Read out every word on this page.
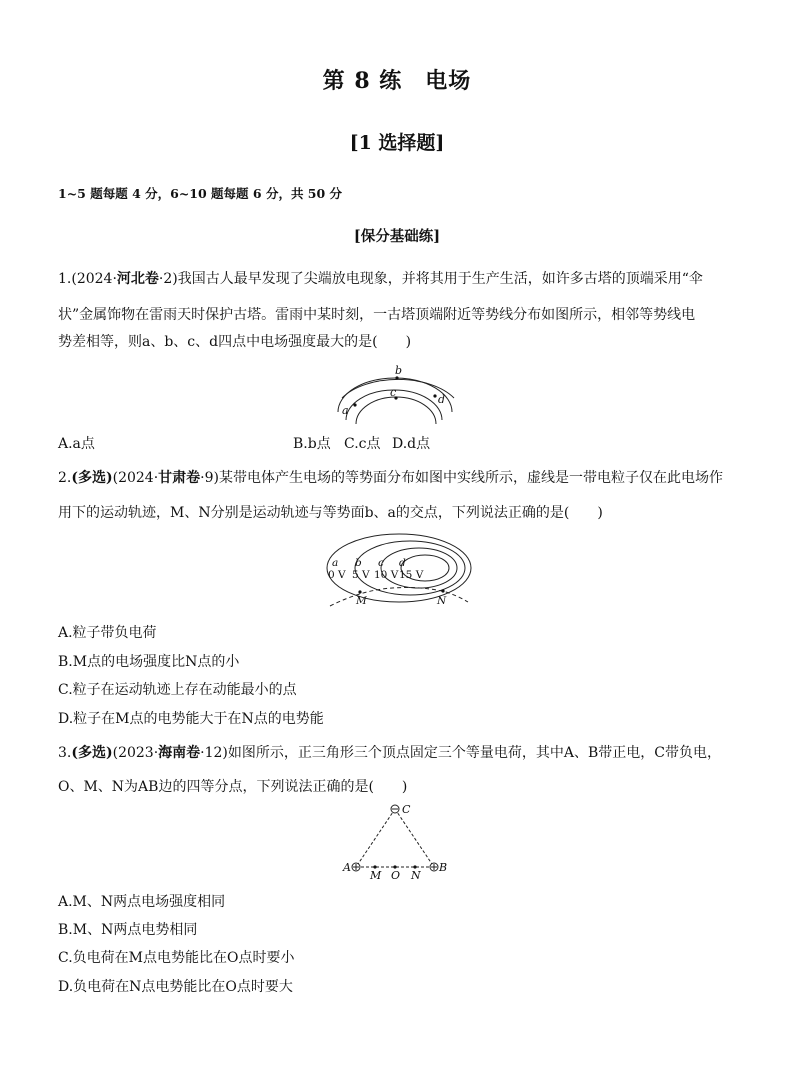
第 8 练　电场
[1 选择题]
1~5 题每题 4 分，6~10 题每题 6 分，共 50 分
[保分基础练]
1.(2024·河北卷·2)我国古人最早发现了尖端放电现象，并将其用于生产生活，如许多古塔的顶端采用“伞
状”金属饰物在雷雨天时保护古塔。雷雨中某时刻，一古塔顶端附近等势线分布如图所示，相邻等势线电
势差相等，则a、b、c、d四点中电场强度最大的是(　　)
a
b
c
d
A.a点	B.b点 C.c点 D.d点
2.(多选)(2024·甘肃卷·9)某带电体产生电场的等势面分布如图中实线所示，虚线是一带电粒子仅在此电场作
用下的运动轨迹，M、N分别是运动轨迹与等势面b、a的交点，下列说法正确的是(　　)
a b c d
0 V 5 V 10 V 15 V
M	N
A.粒子带负电荷
B.M点的电场强度比N点的小
C.粒子在运动轨迹上存在动能最小的点
D.粒子在M点的电势能大于在N点的电势能
3.(多选)(2023·海南卷·12)如图所示，正三角形三个顶点固定三个等量电荷，其中A、B带正电，C带负电，
O、M、N为AB边的四等分点，下列说法正确的是(　　)
C
A	B
M O N
A.M、N两点电场强度相同
B.M、N两点电势相同
C.负电荷在M点电势能比在O点时要小
D.负电荷在N点电势能比在O点时要大
